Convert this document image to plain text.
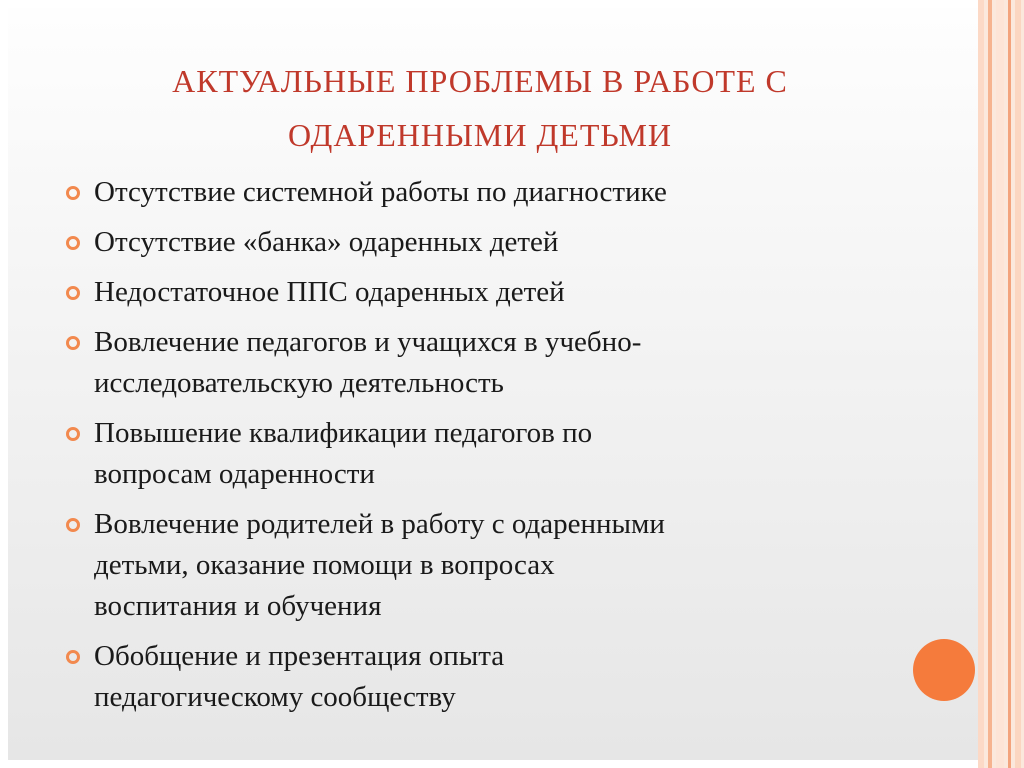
АКТУАЛЬНЫЕ ПРОБЛЕМЫ В РАБОТЕ С
ОДАРЕННЫМИ ДЕТЬМИ
Отсутствие системной работы по диагностике
Отсутствие «банка» одаренных детей
Недостаточное ППС одаренных детей
Вовлечение педагогов и учащихся в учебно-
исследовательскую деятельность
Повышение квалификации педагогов по
вопросам одаренности
Вовлечение родителей в работу с одаренными
детьми, оказание помощи в вопросах
воспитания и обучения
Обобщение и презентация опыта
педагогическому сообществу
